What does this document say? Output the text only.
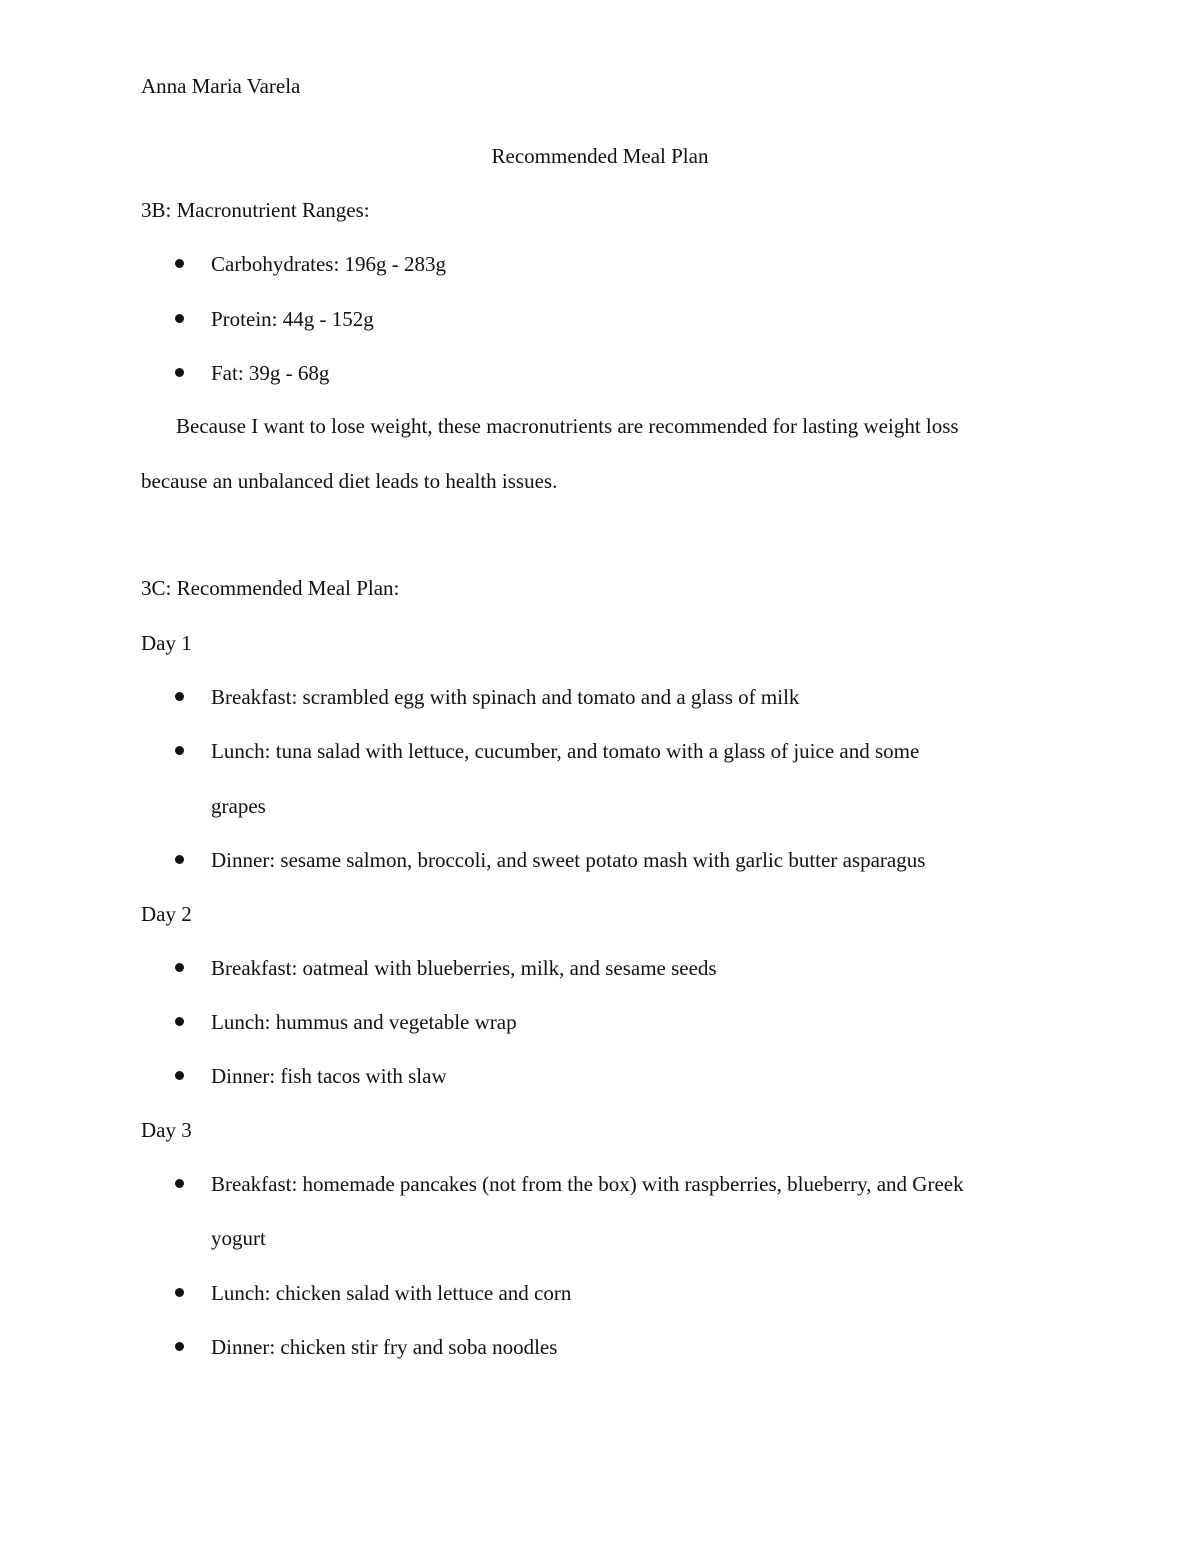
Anna Maria Varela
Recommended Meal Plan
3B: Macronutrient Ranges:
Carbohydrates: 196g - 283g
Protein: 44g - 152g
Fat: 39g - 68g
Because I want to lose weight, these macronutrients are recommended for lasting weight loss
because an unbalanced diet leads to health issues.
3C: Recommended Meal Plan:
Day 1
Breakfast: scrambled egg with spinach and tomato and a glass of milk
Lunch: tuna salad with lettuce, cucumber, and tomato with a glass of juice and some
grapes
Dinner: sesame salmon, broccoli, and sweet potato mash with garlic butter asparagus
Day 2
Breakfast: oatmeal with blueberries, milk, and sesame seeds
Lunch: hummus and vegetable wrap
Dinner: fish tacos with slaw
Day 3
Breakfast: homemade pancakes (not from the box) with raspberries, blueberry, and Greek
yogurt
Lunch: chicken salad with lettuce and corn
Dinner: chicken stir fry and soba noodles
